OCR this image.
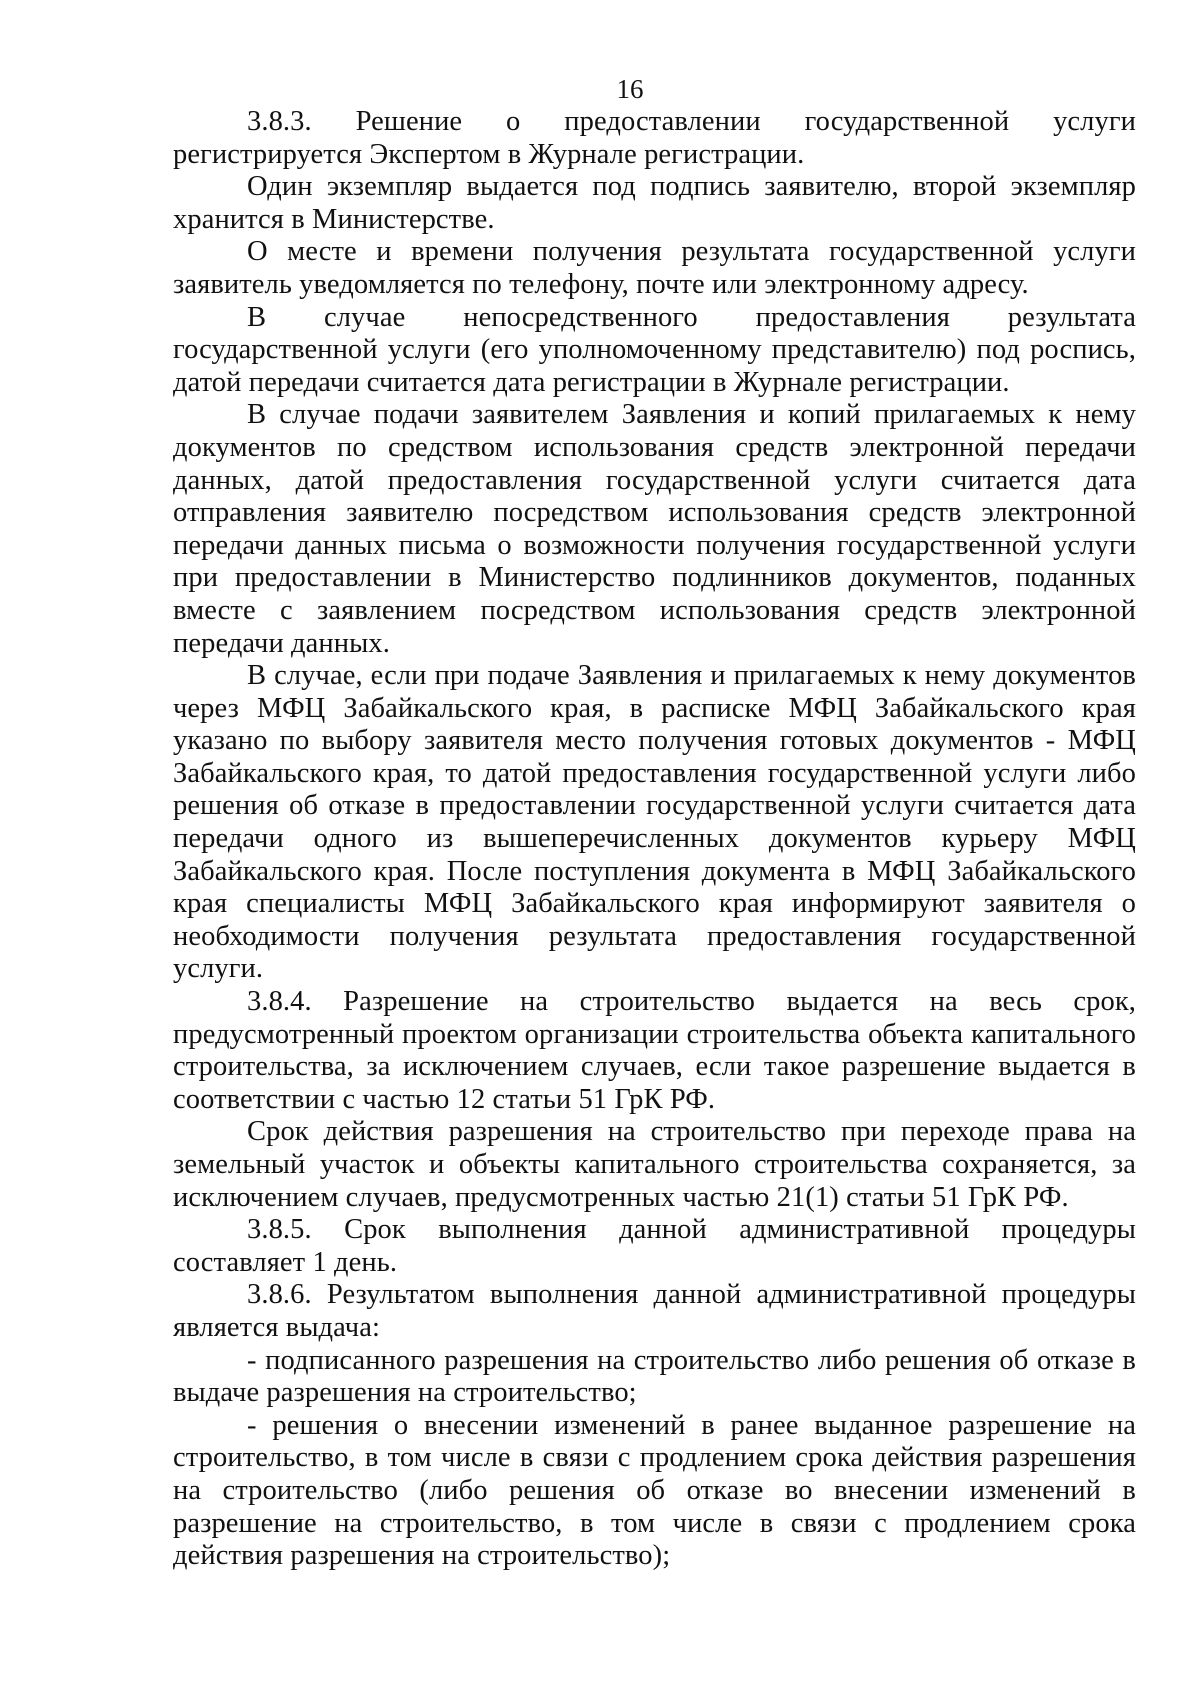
16

3.8.3. Решение о предоставлении государственной услуги регистрируется Экспертом в Журнале регистрации.

Один экземпляр выдается под подпись заявителю, второй экземпляр хранится в Министерстве.

О месте и времени получения результата государственной услуги заявитель уведомляется по телефону, почте или электронному адресу.

В случае непосредственного предоставления результата государственной услуги (его уполномоченному представителю) под роспись, датой передачи считается дата регистрации в Журнале регистрации.

В случае подачи заявителем Заявления и копий прилагаемых к нему документов по средством использования средств электронной передачи данных, датой предоставления государственной услуги считается дата отправления заявителю посредством использования средств электронной передачи данных письма о возможности получения государственной услуги при предоставлении в Министерство подлинников документов, поданных вместе с заявлением посредством использования средств электронной передачи данных.

В случае, если при подаче Заявления и прилагаемых к нему документов через МФЦ Забайкальского края, в расписке МФЦ Забайкальского края указано по выбору заявителя место получения готовых документов - МФЦ Забайкальского края, то датой предоставления государственной услуги либо решения об отказе в предоставлении государственной услуги считается дата передачи одного из вышеперечисленных документов курьеру МФЦ Забайкальского края. После поступления документа в МФЦ Забайкальского края специалисты МФЦ Забайкальского края информируют заявителя о необходимости получения результата предоставления государственной услуги.

3.8.4. Разрешение на строительство выдается на весь срок, предусмотренный проектом организации строительства объекта капитального строительства, за исключением случаев, если такое разрешение выдается в соответствии с частью 12 статьи 51 ГрК РФ.

Срок действия разрешения на строительство при переходе права на земельный участок и объекты капитального строительства сохраняется, за исключением случаев, предусмотренных частью 21(1) статьи 51 ГрК РФ.

3.8.5. Срок выполнения данной административной процедуры составляет 1 день.

3.8.6. Результатом выполнения данной административной процедуры является выдача:

- подписанного разрешения на строительство либо решения об отказе в выдаче разрешения на строительство;

- решения о внесении изменений в ранее выданное разрешение на строительство, в том числе в связи с продлением срока действия разрешения на строительство (либо решения об отказе во внесении изменений в разрешение на строительство, в том числе в связи с продлением срока действия разрешения на строительство);
